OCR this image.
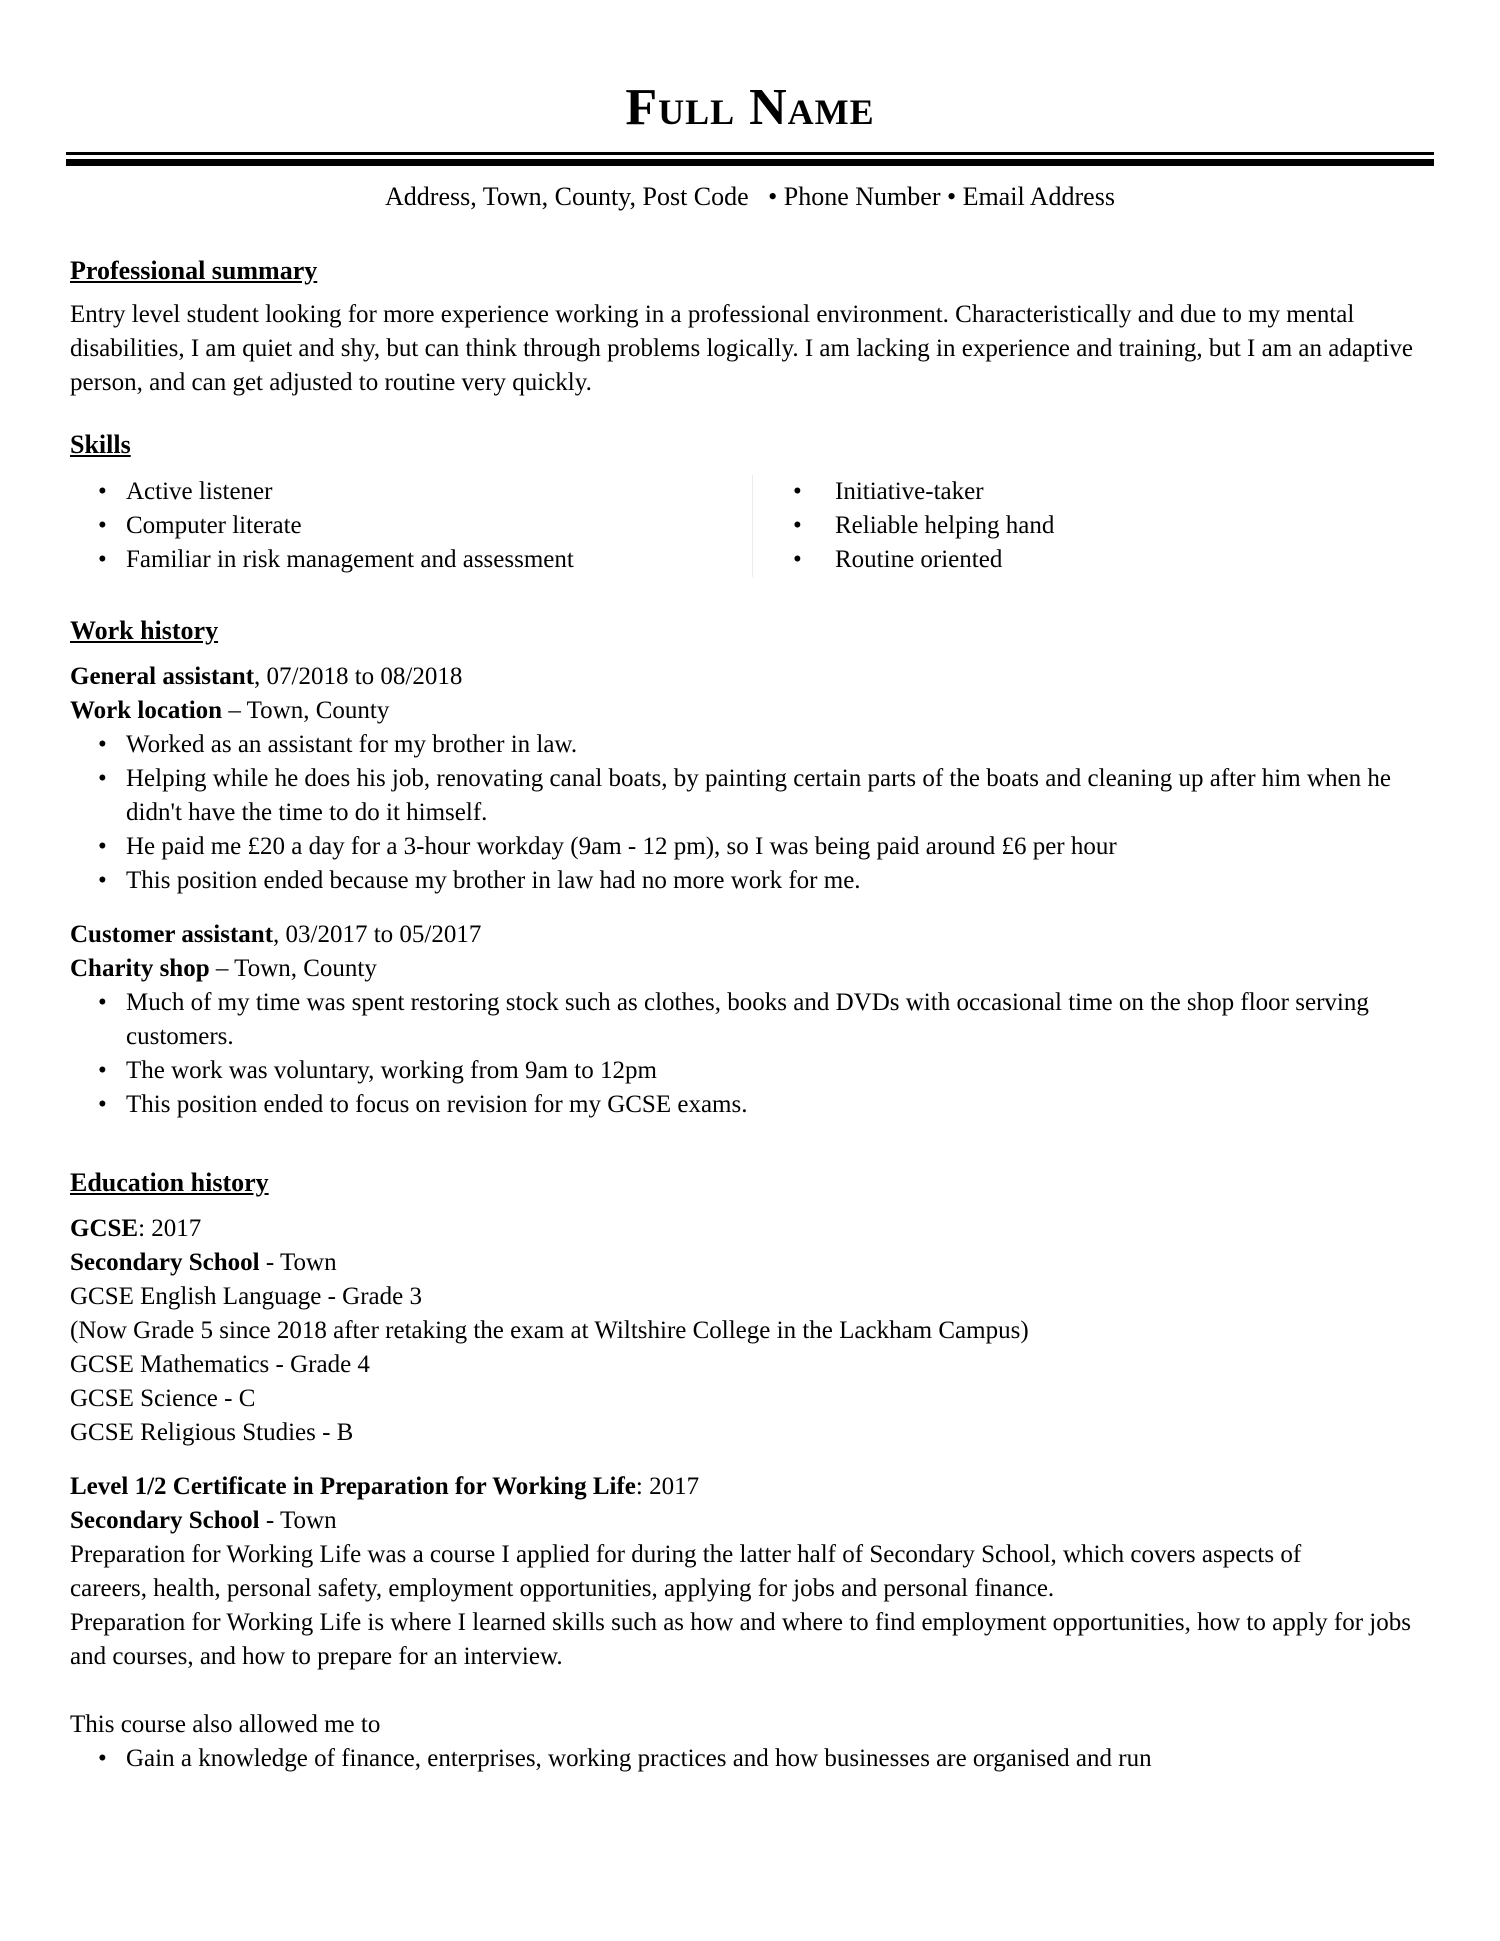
Full Name
Address, Town, County, Post Code   • Phone Number • Email Address
Professional summary

Entry level student looking for more experience working in a professional environment. Characteristically and due to my mental disabilities, I am quiet and shy, but can think through problems logically. I am lacking in experience and training, but I am an adaptive person, and can get adjusted to routine very quickly.

Skills
• Active listener
• Computer literate
• Familiar in risk management and assessment
• Initiative-taker
• Reliable helping hand
• Routine oriented
Work history

General assistant, 07/2018 to 08/2018

Work location – Town, County

• Worked as an assistant for my brother in law.
• Helping while he does his job, renovating canal boats, by painting certain parts of the boats and cleaning up after him when he didn't have the time to do it himself.
• He paid me £20 a day for a 3-hour workday (9am - 12 pm), so I was being paid around £6 per hour
• This position ended because my brother in law had no more work for me.

Customer assistant, 03/2017 to 05/2017

Charity shop – Town, County

• Much of my time was spent restoring stock such as clothes, books and DVDs with occasional time on the shop floor serving customers.
• The work was voluntary, working from 9am to 12pm
• This position ended to focus on revision for my GCSE exams.
Education history

GCSE: 2017

Secondary School - Town

GCSE English Language - Grade 3

(Now Grade 5 since 2018 after retaking the exam at Wiltshire College in the Lackham Campus)

GCSE Mathematics - Grade 4

GCSE Science - C

GCSE Religious Studies - B

Level 1/2 Certificate in Preparation for Working Life: 2017

Secondary School - Town

Preparation for Working Life was a course I applied for during the latter half of Secondary School, which covers aspects of careers, health, personal safety, employment opportunities, applying for jobs and personal finance.

Preparation for Working Life is where I learned skills such as how and where to find employment opportunities, how to apply for jobs and courses, and how to prepare for an interview.

This course also allowed me to

• Gain a knowledge of finance, enterprises, working practices and how businesses are organised and run
